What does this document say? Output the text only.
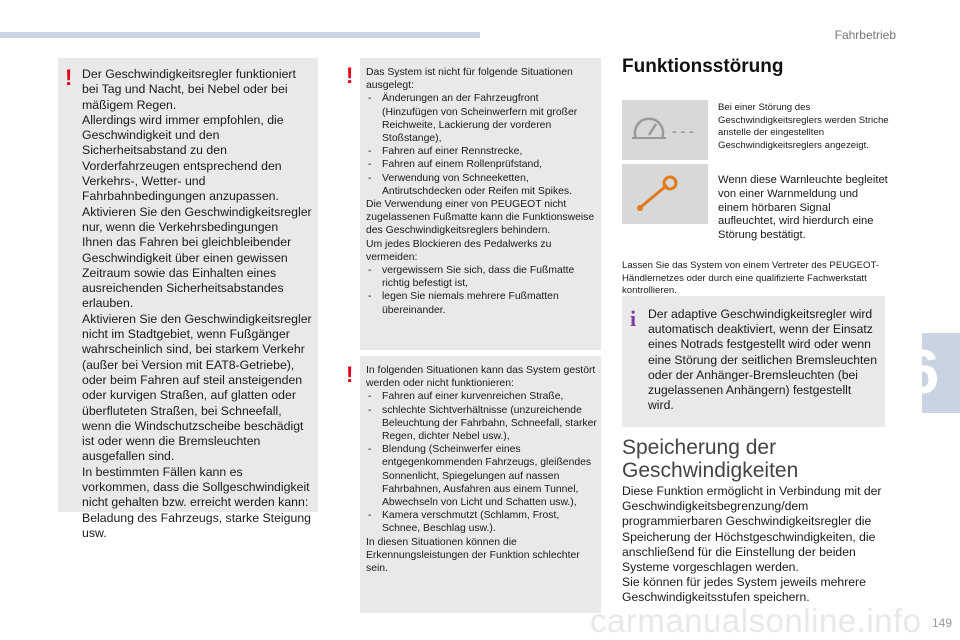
Fahrbetrieb
6
! Der Geschwindigkeitsregler funktioniert bei Tag und Nacht, bei Nebel oder bei mäßigem Regen.
Allerdings wird immer empfohlen, die Geschwindigkeit und den Sicherheitsabstand zu den Vorderfahrzeugen entsprechend den Verkehrs-, Wetter- und Fahrbahnbedingungen anzupassen.
Aktivieren Sie den Geschwindigkeitsregler nur, wenn die Verkehrsbedingungen Ihnen das Fahren bei gleichbleibender Geschwindigkeit über einen gewissen Zeitraum sowie das Einhalten eines ausreichenden Sicherheitsabstandes erlauben.
Aktivieren Sie den Geschwindigkeitsregler nicht im Stadtgebiet, wenn Fußgänger wahrscheinlich sind, bei starkem Verkehr (außer bei Version mit EAT8-Getriebe), oder beim Fahren auf steil ansteigenden oder kurvigen Straßen, auf glatten oder überfluteten Straßen, bei Schneefall, wenn die Windschutzscheibe beschädigt ist oder wenn die Bremsleuchten ausgefallen sind.
In bestimmten Fällen kann es vorkommen, dass die Sollgeschwindigkeit nicht gehalten bzw. erreicht werden kann: Beladung des Fahrzeugs, starke Steigung usw.

! Das System ist nicht für folgende Situationen ausgelegt:

- Änderungen an der Fahrzeugfront (Hinzufügen von Scheinwerfern mit großer Reichweite, Lackierung der vorderen Stoßstange),
- Fahren auf einer Rennstrecke,
- Fahren auf einem Rollenprüfstand,
- Verwendung von Schneeketten, Antirutschdecken oder Reifen mit Spikes.

Die Verwendung einer von PEUGEOT nicht zugelassenen Fußmatte kann die Funktionsweise des Geschwindigkeitsreglers behindern.
Um jedes Blockieren des Pedalwerks zu vermeiden:

- vergewissern Sie sich, dass die Fußmatte richtig befestigt ist,
- legen Sie niemals mehrere Fußmatten übereinander.
! In folgenden Situationen kann das System gestört werden oder nicht funktionieren:

- Fahren auf einer kurvenreichen Straße,
- schlechte Sichtverhältnisse (unzureichende Beleuchtung der Fahrbahn, Schneefall, starker Regen, dichter Nebel usw.),
- Blendung (Scheinwerfer eines entgegenkommenden Fahrzeugs, gleißendes Sonnenlicht, Spiegelungen auf nassen Fahrbahnen, Ausfahren aus einem Tunnel, Abwechseln von Licht und Schatten usw.),
- Kamera verschmutzt (Schlamm, Frost, Schnee, Beschlag usw.).

In diesen Situationen können die Erkennungsleistungen der Funktion schlechter sein.

Funktionsstörung
- - -
Bei einer Störung des Geschwindigkeitsreglers werden Striche anstelle der eingestellten Geschwindigkeitsreglers angezeigt.
Wenn diese Warnleuchte begleitet von einer Warnmeldung und einem hörbaren Signal aufleuchtet, wird hierdurch eine Störung bestätigt.

Lassen Sie das System von einem Vertreter des PEUGEOT-Händlernetzes oder durch eine qualifizierte Fachwerkstatt kontrollieren.

i Der adaptive Geschwindigkeitsregler wird automatisch deaktiviert, wenn der Einsatz eines Notrads festgestellt wird oder wenn eine Störung der seitlichen Bremsleuchten oder der Anhänger-Bremsleuchten (bei zugelassenen Anhängern) festgestellt wird.

Speicherung der Geschwindigkeiten

Diese Funktion ermöglicht in Verbindung mit der Geschwindigkeitsbegrenzung/dem programmierbaren Geschwindigkeitsregler die Speicherung der Höchstgeschwindigkeiten, die anschließend für die Einstellung der beiden Systeme vorgeschlagen werden.
Sie können für jedes System jeweils mehrere Geschwindigkeitsstufen speichern.

carmanualsonline.info 149
